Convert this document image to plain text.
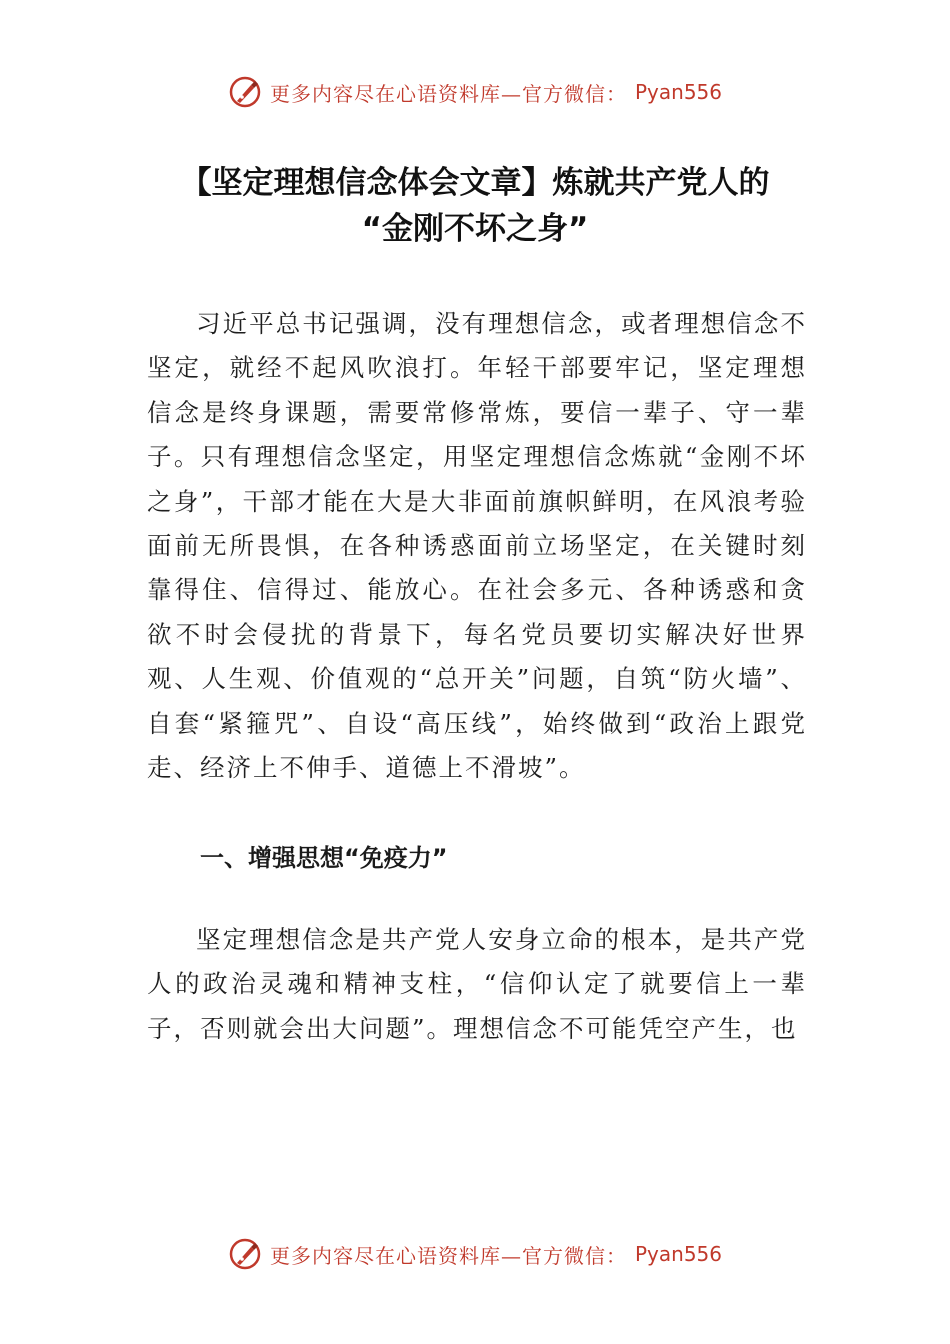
更多内容尽在心语资料库—官方微信： Pyan556
【坚定理想信念体会文章】炼就共产党人的
“金刚不坏之身”

习近平总书记强调，没有理想信念，或者理想信念不坚定，就经不起风吹浪打。年轻干部要牢记，坚定理想信念是终身课题，需要常修常炼，要信一辈子、守一辈子。只有理想信念坚定，用坚定理想信念炼就“金刚不坏之身”，干部才能在大是大非面前旗帜鲜明，在风浪考验面前无所畏惧，在各种诱惑面前立场坚定，在关键时刻靠得住、信得过、能放心。在社会多元、各种诱惑和贪欲不时会侵扰的背景下，每名党员要切实解决好世界观、人生观、价值观的“总开关”问题，自筑“防火墙”、自套“紧箍咒”、自设“高压线”，始终做到“政治上跟党走、经济上不伸手、道德上不滑坡”。

一、增强思想“免疫力”

坚定理想信念是共产党人安身立命的根本，是共产党人的政治灵魂和精神支柱，“信仰认定了就要信上一辈子，否则就会出大问题”。理想信念不可能凭空产生，也

更多内容尽在心语资料库—官方微信： Pyan556
